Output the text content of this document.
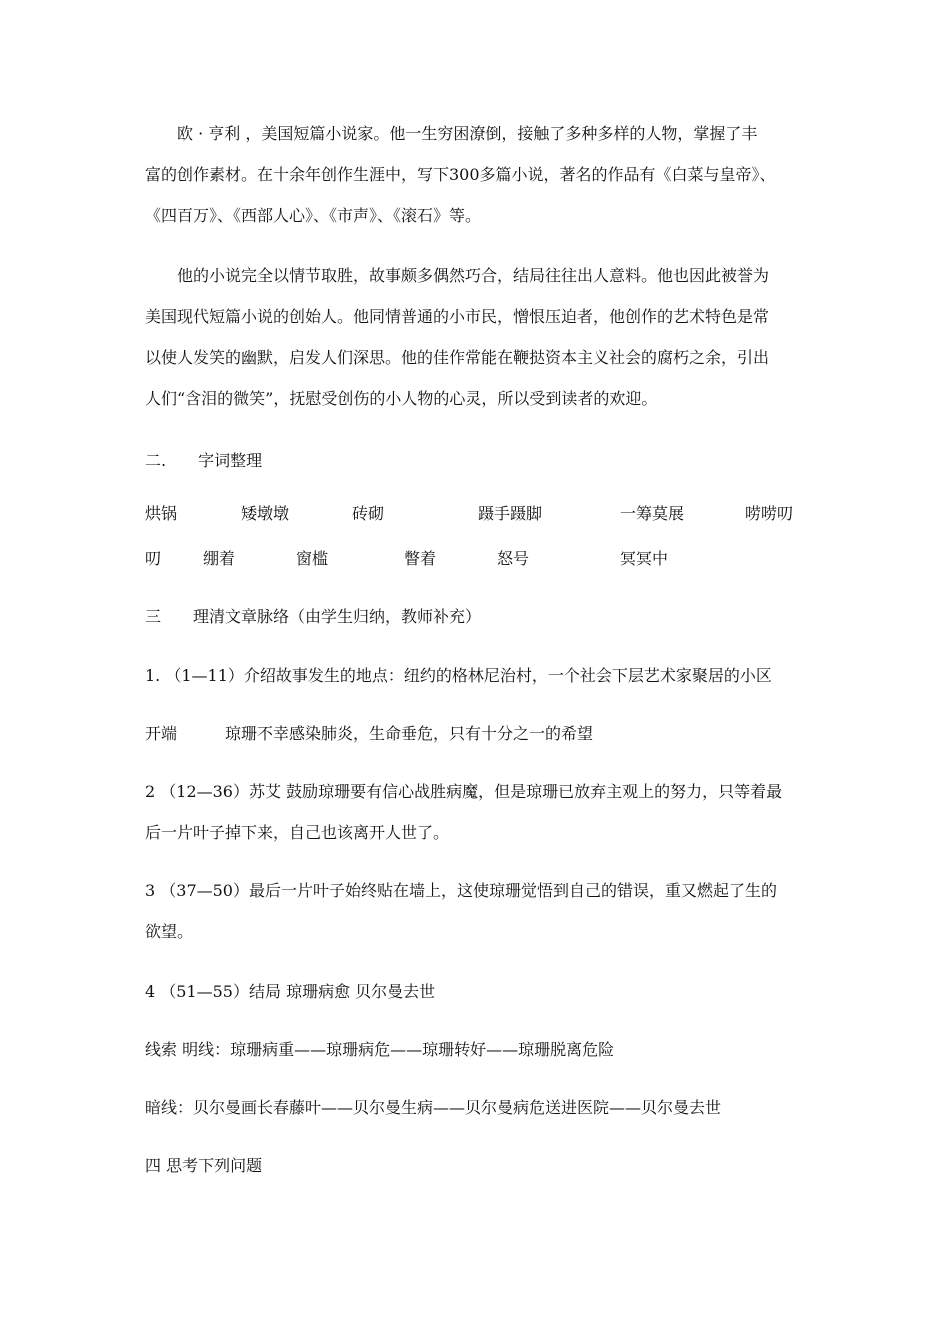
　　欧 · 亨利 ，美国短篇小说家。他一生穷困潦倒，接触了多种多样的人物，掌握了丰
富的创作素材。在十余年创作生涯中，写下300多篇小说，著名的作品有《白菜与皇帝》、
《四百万》、《西部人心》、《市声》、《滚石》等。
　　他的小说完全以情节取胜，故事颇多偶然巧合，结局往往出人意料。他也因此被誉为
美国现代短篇小说的创始人。他同情普通的小市民，憎恨压迫者，他创作的艺术特色是常
以使人发笑的幽默，启发人们深思。他的佳作常能在鞭挞资本主义社会的腐朽之余，引出
人们“含泪的微笑”，抚慰受创伤的小人物的心灵，所以受到读者的欢迎。
二.　　字词整理
烘锅	矮墩墩	砖砌	蹑手蹑脚	一筹莫展	唠唠叨
叨	绷着	窗槛	瞥着	怒号	冥冥中
三　　理清文章脉络（由学生归纳，教师补充）
1. （1—11）介绍故事发生的地点：纽约的格林尼治村，一个社会下层艺术家聚居的小区
开端　　　琼珊不幸感染肺炎，生命垂危，只有十分之一的希望
2 （12—36）苏艾 鼓励琼珊要有信心战胜病魔，但是琼珊已放弃主观上的努力，只等着最
后一片叶子掉下来，自己也该离开人世了。
3 （37—50）最后一片叶子始终贴在墙上，这使琼珊觉悟到自己的错误，重又燃起了生的
欲望。
4 （51—55）结局 琼珊病愈 贝尔曼去世
线索 明线：琼珊病重——琼珊病危——琼珊转好——琼珊脱离危险
暗线：贝尔曼画长春藤叶——贝尔曼生病——贝尔曼病危送进医院——贝尔曼去世
四 思考下列问题
